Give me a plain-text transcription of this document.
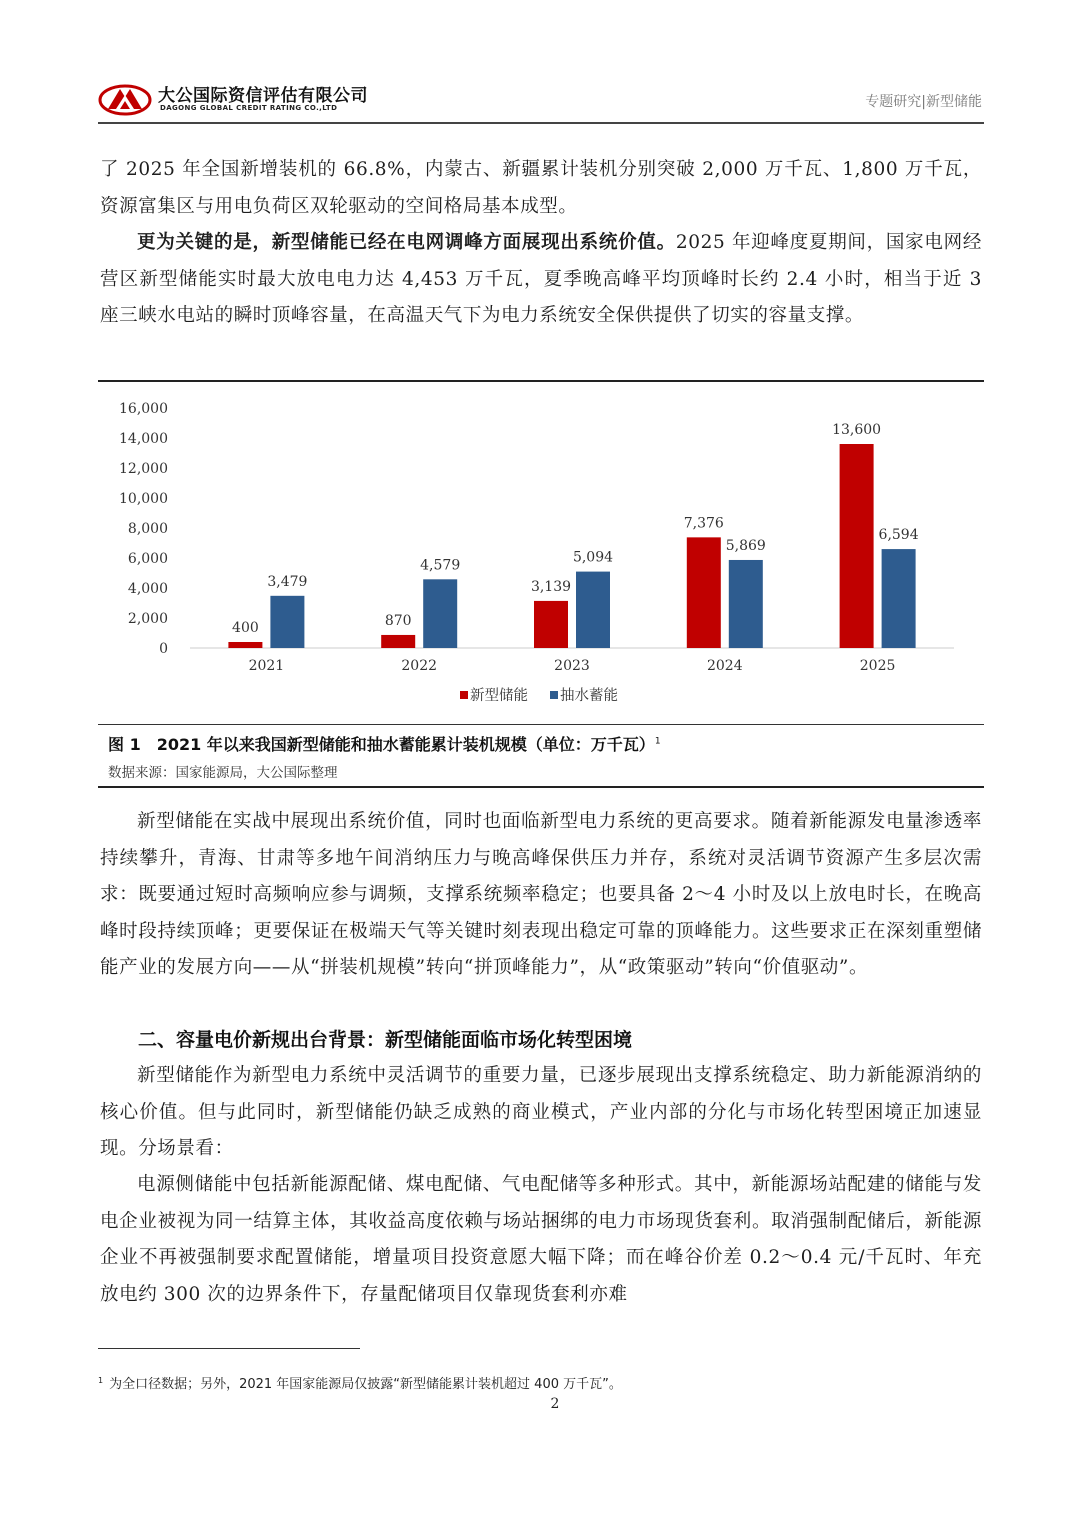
大公国际资信评估有限公司
DAGONG GLOBAL CREDIT RATING CO.,LTD	专题研究|新型储能

了 2025 年全国新增装机的 66.8%，内蒙古、新疆累计装机分别突破 2,000 万千瓦、1,800 万千瓦，资源富集区与用电负荷区双轮驱动的空间格局基本成型。

更为关键的是，新型储能已经在电网调峰方面展现出系统价值。2025 年迎峰度夏期间，国家电网经营区新型储能实时最大放电电力达 4,453 万千瓦，夏季晚高峰平均顶峰时长约 2.4 小时，相当于近 3 座三峡水电站的瞬时顶峰容量，在高温天气下为电力系统安全保供提供了切实的容量支撑。

0
2,000
4,000
6,000
8,000
10,000
12,000
14,000
16,000
2021
400
3,479
2022
870
4,579
2023
3,139
5,094
2024
7,376
5,869
2025
13,600
6,594
新型储能 抽水蓄能
图 1　2021 年以来我国新型储能和抽水蓄能累计装机规模（单位：万千瓦）$^1$
数据来源：国家能源局，大公国际整理

新型储能在实战中展现出系统价值，同时也面临新型电力系统的更高要求。随着新能源发电量渗透率持续攀升，青海、甘肃等多地午间消纳压力与晚高峰保供压力并存，系统对灵活调节资源产生多层次需求：既要通过短时高频响应参与调频，支撑系统频率稳定；也要具备 2～4 小时及以上放电时长，在晚高峰时段持续顶峰；更要保证在极端天气等关键时刻表现出稳定可靠的顶峰能力。这些要求正在深刻重塑储能产业的发展方向——从“拼装机规模”转向“拼顶峰能力”，从“政策驱动”转向“价值驱动”。

二、容量电价新规出台背景：新型储能面临市场化转型困境

新型储能作为新型电力系统中灵活调节的重要力量，已逐步展现出支撑系统稳定、助力新能源消纳的核心价值。但与此同时，新型储能仍缺乏成熟的商业模式，产业内部的分化与市场化转型困境正加速显现。分场景看：

电源侧储能中包括新能源配储、煤电配储、气电配储等多种形式。其中，新能源场站配建的储能与发电企业被视为同一结算主体，其收益高度依赖与场站捆绑的电力市场现货套利。取消强制配储后，新能源企业不再被强制要求配置储能，增量项目投资意愿大幅下降；而在峰谷价差 0.2～0.4 元/千瓦时、年充放电约 300 次的边界条件下，存量配储项目仅靠现货套利亦难

$^1$ 为全口径数据；另外，2021 年国家能源局仅披露“新型储能累计装机超过 400 万千瓦”。
2
